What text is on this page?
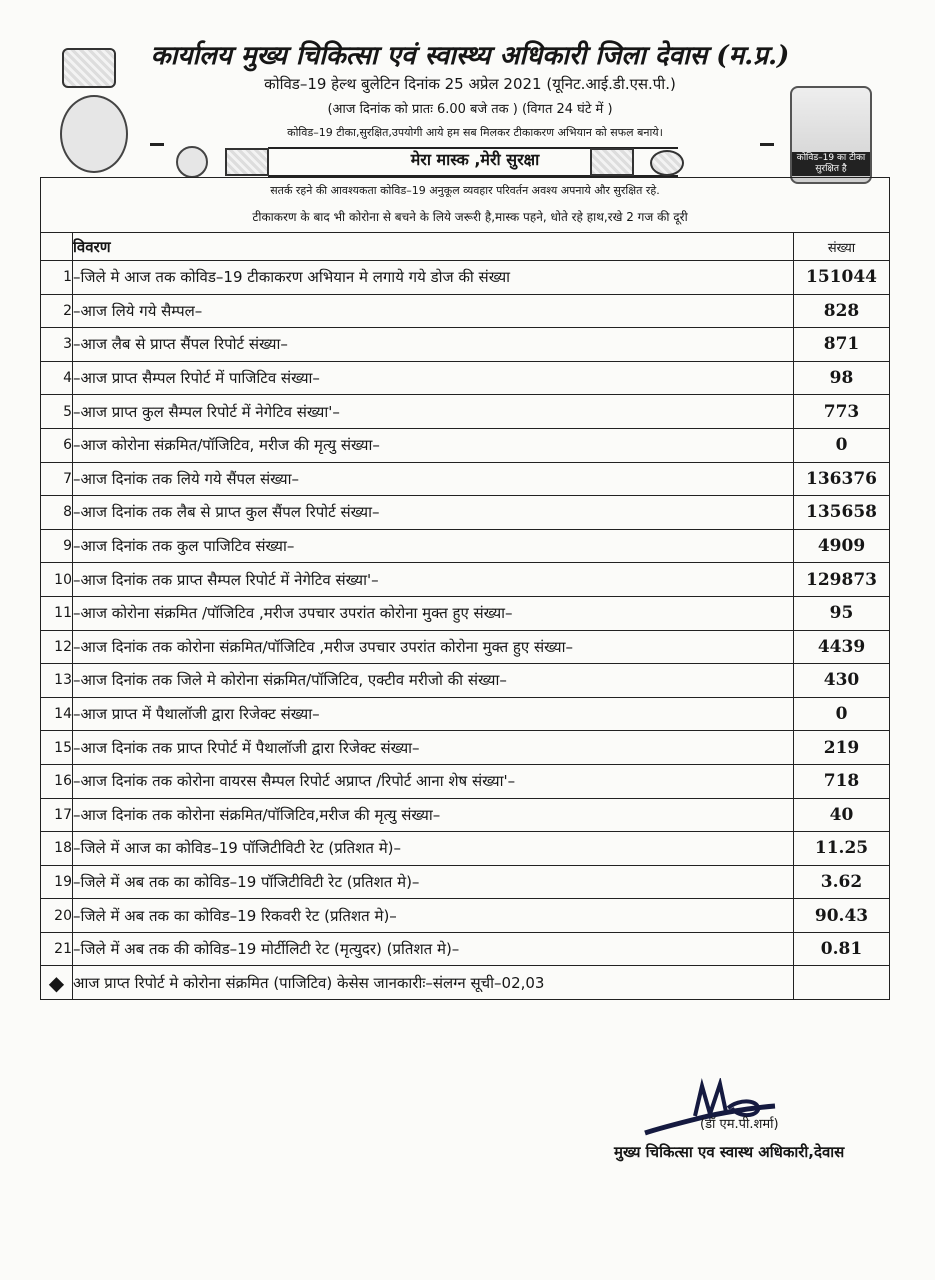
कार्यालय मुख्य चिकित्सा एवं स्वास्थ्य अधिकारी जिला देवास (म.प्र.)
कोविड–19 हेल्थ बुलेटिन दिनांक 25 अप्रेल 2021 (यूनिट.आई.डी.एस.पी.)
(आज दिनांक को प्रातः 6.00 बजे तक ) (विगत 24 घंटे में )
कोविड–19 टीका,सुरक्षित,उपयोगी आये हम सब मिलकर टीकाकरण अभियान को सफल बनाये।
मेरा मास्क ,मेरी सुरक्षा	कोविड–19 का टीका सुरक्षित है
सतर्क रहने की आवश्यकता कोविड–19 अनुकूल व्यवहार परिवर्तन अवश्य अपनाये और सुरक्षित रहे.
टीकाकरण के बाद भी कोरोना से बचने के लिये जरूरी है,मास्क पहने, धोते रहे हाथ,रखे 2 गज की दूरी
	विवरण	संख्या
1	–जिले मे आज तक कोविड–19 टीकाकरण अभियान मे लगाये गये डोज की संख्या	151044
2	–आज लिये गये सैम्पल–	828
3	–आज लैब से प्राप्त सैंपल रिपोर्ट संख्या–	871
4	–आज प्राप्त सैम्पल रिपोर्ट में पाजिटिव संख्या–	98
5	–आज प्राप्त कुल सैम्पल रिपोर्ट में नेगेटिव संख्या'–	773
6	–आज कोरोना संक्रमित/पॉजिटिव, मरीज की मृत्यु संख्या–	0
7	–आज दिनांक तक लिये गये सैंपल संख्या–	136376
8	–आज दिनांक तक लैब से प्राप्त कुल सैंपल रिपोर्ट संख्या–	135658
9	–आज दिनांक तक कुल पाजिटिव संख्या–	4909
10	–आज दिनांक तक प्राप्त सैम्पल रिपोर्ट में नेगेटिव संख्या'–	129873
11	–आज कोरोना संक्रमित /पॉजिटिव ,मरीज उपचार उपरांत कोरोना मुक्त हुए संख्या–	95
12	–आज दिनांक तक कोरोना संक्रमित/पॉजिटिव ,मरीज उपचार उपरांत कोरोना मुक्त हुए संख्या–	4439
13	–आज दिनांक तक जिले मे कोरोना संक्रमित/पॉजिटिव, एक्टीव मरीजो की संख्या–	430
14	–आज प्राप्त में पैथालॉजी द्वारा रिजेक्ट संख्या–	0
15	–आज दिनांक तक प्राप्त रिपोर्ट में पैथालॉजी द्वारा रिजेक्ट संख्या–	219
16	–आज दिनांक तक कोरोना वायरस सैम्पल रिपोर्ट अप्राप्त /रिपोर्ट आना शेष संख्या'–	718
17	–आज दिनांक तक कोरोना संक्रमित/पॉजिटिव,मरीज की मृत्यु संख्या–	40
18	–जिले में आज का कोविड–19 पॉजिटीविटी रेट (प्रतिशत मे)–	11.25
19	–जिले में अब तक का कोविड–19 पॉजिटीविटी रेट (प्रतिशत मे)–	3.62
20	–जिले में अब तक का कोविड–19 रिकवरी रेट (प्रतिशत मे)–	90.43
21	–जिले में अब तक की कोविड–19 मोर्टीलिटी रेट (मृत्युदर) (प्रतिशत मे)–	0.81
◆	आज प्राप्त रिपोर्ट मे कोरोना संक्रमित (पाजिटिव) केसेस जानकारीः–संलग्न सूची–02,03	
(डॉ एम.पी.शर्मा)
मुख्य चिकित्सा एव स्वास्थ अधिकारी,देवास
